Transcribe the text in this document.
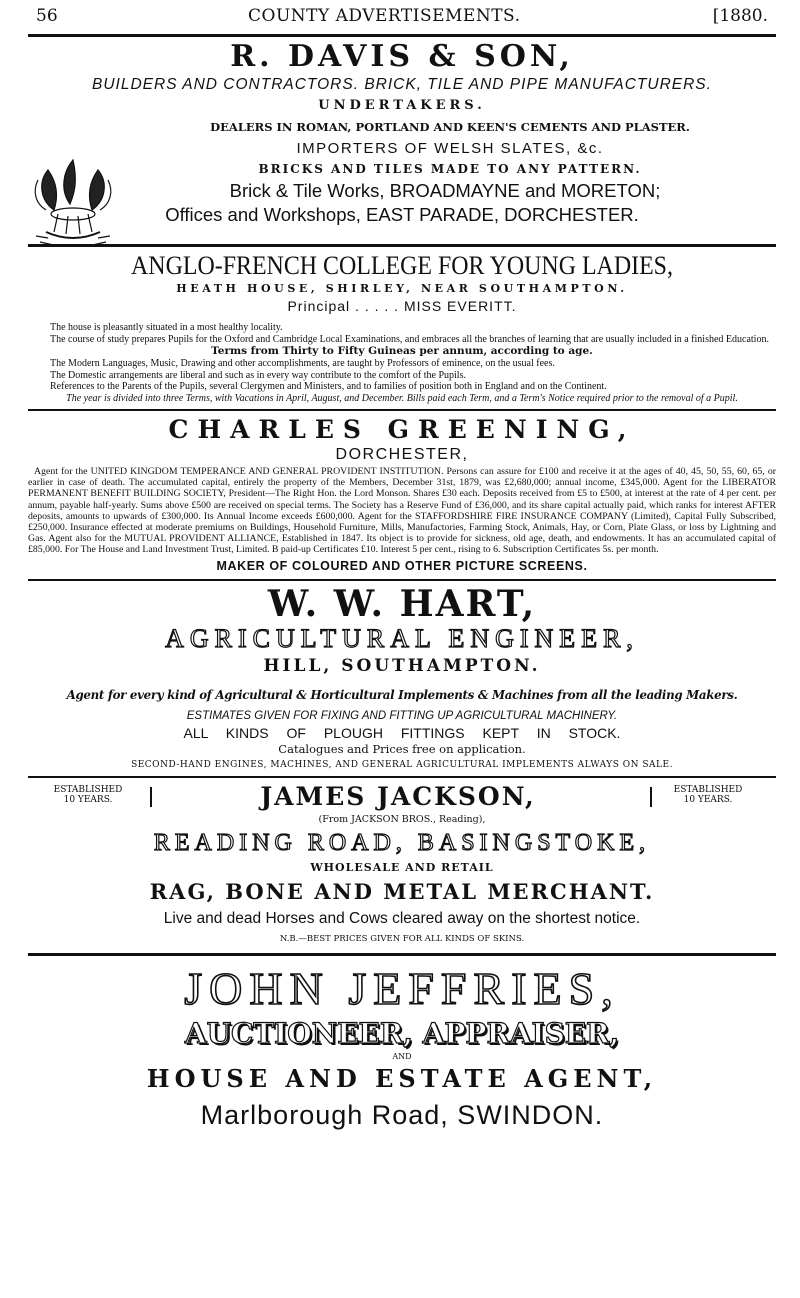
56	COUNTY ADVERTISEMENTS.	[1880.
R. DAVIS & SON,
BUILDERS AND CONTRACTORS. BRICK, TILE AND PIPE MANUFACTURERS.
UNDERTAKERS.
DEALERS IN ROMAN, PORTLAND AND KEEN'S CEMENTS AND PLASTER.
IMPORTERS OF WELSH SLATES, &c.
BRICKS AND TILES MADE TO ANY PATTERN.
Brick & Tile Works, BROADMAYNE and MORETON;
Offices and Workshops, EAST PARADE, DORCHESTER.
ANGLO-FRENCH COLLEGE FOR YOUNG LADIES,
HEATH HOUSE, SHIRLEY, NEAR SOUTHAMPTON.
Principal . . . . . MISS EVERITT.
The house is pleasantly situated in a most healthy locality.
The course of study prepares Pupils for the Oxford and Cambridge Local Examinations, and embraces all the branches of learning that are usually included in a finished Education.
Terms from Thirty to Fifty Guineas per annum, according to age.
The Modern Languages, Music, Drawing and other accomplishments, are taught by Professors of eminence, on the usual fees.
The Domestic arrangements are liberal and such as in every way contribute to the comfort of the Pupils.
References to the Parents of the Pupils, several Clergymen and Ministers, and to families of position both in England and on the Continent.
The year is divided into three Terms, with Vacations in April, August, and December. Bills paid each Term, and a Term's Notice required prior to the removal of a Pupil.
CHARLES GREENING,
DORCHESTER,
Agent for the UNITED KINGDOM TEMPERANCE AND GENERAL PROVIDENT INSTITUTION. Persons can assure for £100 and receive it at the ages of 40, 45, 50, 55, 60, 65, or earlier in case of death. The accumulated capital, entirely the property of the Members, December 31st, 1879, was £2,680,000; annual income, £345,000. Agent for the LIBERATOR PERMANENT BENEFIT BUILDING SOCIETY, President—The Right Hon. the Lord Monson. Shares £30 each. Deposits received from £5 to £500, at interest at the rate of 4 per cent. per annum, payable half-yearly. Sums above £500 are received on special terms. The Society has a Reserve Fund of £36,000, and its share capital actually paid, which ranks for interest AFTER deposits, amounts to upwards of £300,000. Its Annual Income exceeds £600,000. Agent for the STAFFORDSHIRE FIRE INSURANCE COMPANY (Limited), Capital Fully Subscribed, £250,000. Insurance effected at moderate premiums on Buildings, Household Furniture, Mills, Manufactories, Farming Stock, Animals, Hay, or Corn, Plate Glass, or loss by Lightning and Gas. Agent also for the MUTUAL PROVIDENT ALLIANCE, Established in 1847. Its object is to provide for sickness, old age, death, and endowments. It has an accumulated capital of £85,000. For The House and Land Investment Trust, Limited. B paid-up Certificates £10. Interest 5 per cent., rising to 6. Subscription Certificates 5s. per month.
MAKER OF COLOURED AND OTHER PICTURE SCREENS.
W. W. HART,
AGRICULTURAL ENGINEER,
HILL, SOUTHAMPTON.
Agent for every kind of Agricultural & Horticultural Implements & Machines from all the leading Makers.
ESTIMATES GIVEN FOR FIXING AND FITTING UP AGRICULTURAL MACHINERY.
ALL KINDS OF PLOUGH FITTINGS KEPT IN STOCK.
Catalogues and Prices free on application.
SECOND-HAND ENGINES, MACHINES, AND GENERAL AGRICULTURAL IMPLEMENTS ALWAYS ON SALE.
ESTABLISHED 10 YEARS.	JAMES JACKSON,	ESTABLISHED 10 YEARS.
(From JACKSON BROS., Reading),
READING ROAD, BASINGSTOKE,
WHOLESALE AND RETAIL
RAG, BONE AND METAL MERCHANT.
Live and dead Horses and Cows cleared away on the shortest notice.
N.B.—BEST PRICES GIVEN FOR ALL KINDS OF SKINS.
JOHN JEFFRIES,
AUCTIONEER, APPRAISER,
AND
HOUSE AND ESTATE AGENT,
Marlborough Road, SWINDON.
